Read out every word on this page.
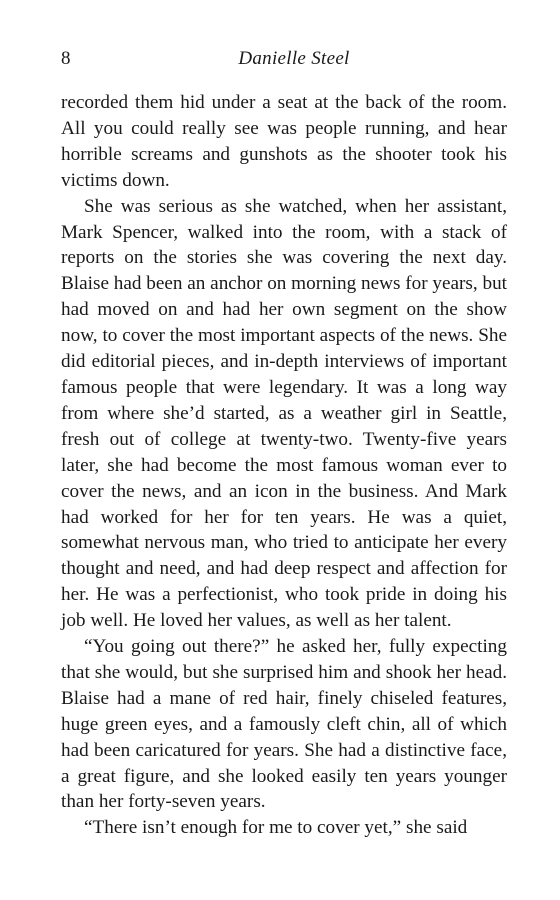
8	Danielle Steel

recorded them hid under a seat at the back of the room. All you could really see was people running, and hear horrible screams and gunshots as the shooter took his victims down.

She was serious as she watched, when her assistant, Mark Spencer, walked into the room, with a stack of reports on the stories she was covering the next day. Blaise had been an anchor on morning news for years, but had moved on and had her own segment on the show now, to cover the most important aspects of the news. She did editorial pieces, and in-depth interviews of important famous people that were legendary. It was a long way from where she’d started, as a weather girl in Seattle, fresh out of college at twenty-two. Twenty-five years later, she had become the most famous woman ever to cover the news, and an icon in the business. And Mark had worked for her for ten years. He was a quiet, somewhat nervous man, who tried to anticipate her every thought and need, and had deep respect and affection for her. He was a perfectionist, who took pride in doing his job well. He loved her values, as well as her talent.

“You going out there?” he asked her, fully expecting that she would, but she surprised him and shook her head. Blaise had a mane of red hair, finely chiseled features, huge green eyes, and a famously cleft chin, all of which had been caricatured for years. She had a distinctive face, a great figure, and she looked easily ten years younger than her forty-seven years.

“There isn’t enough for me to cover yet,” she said
